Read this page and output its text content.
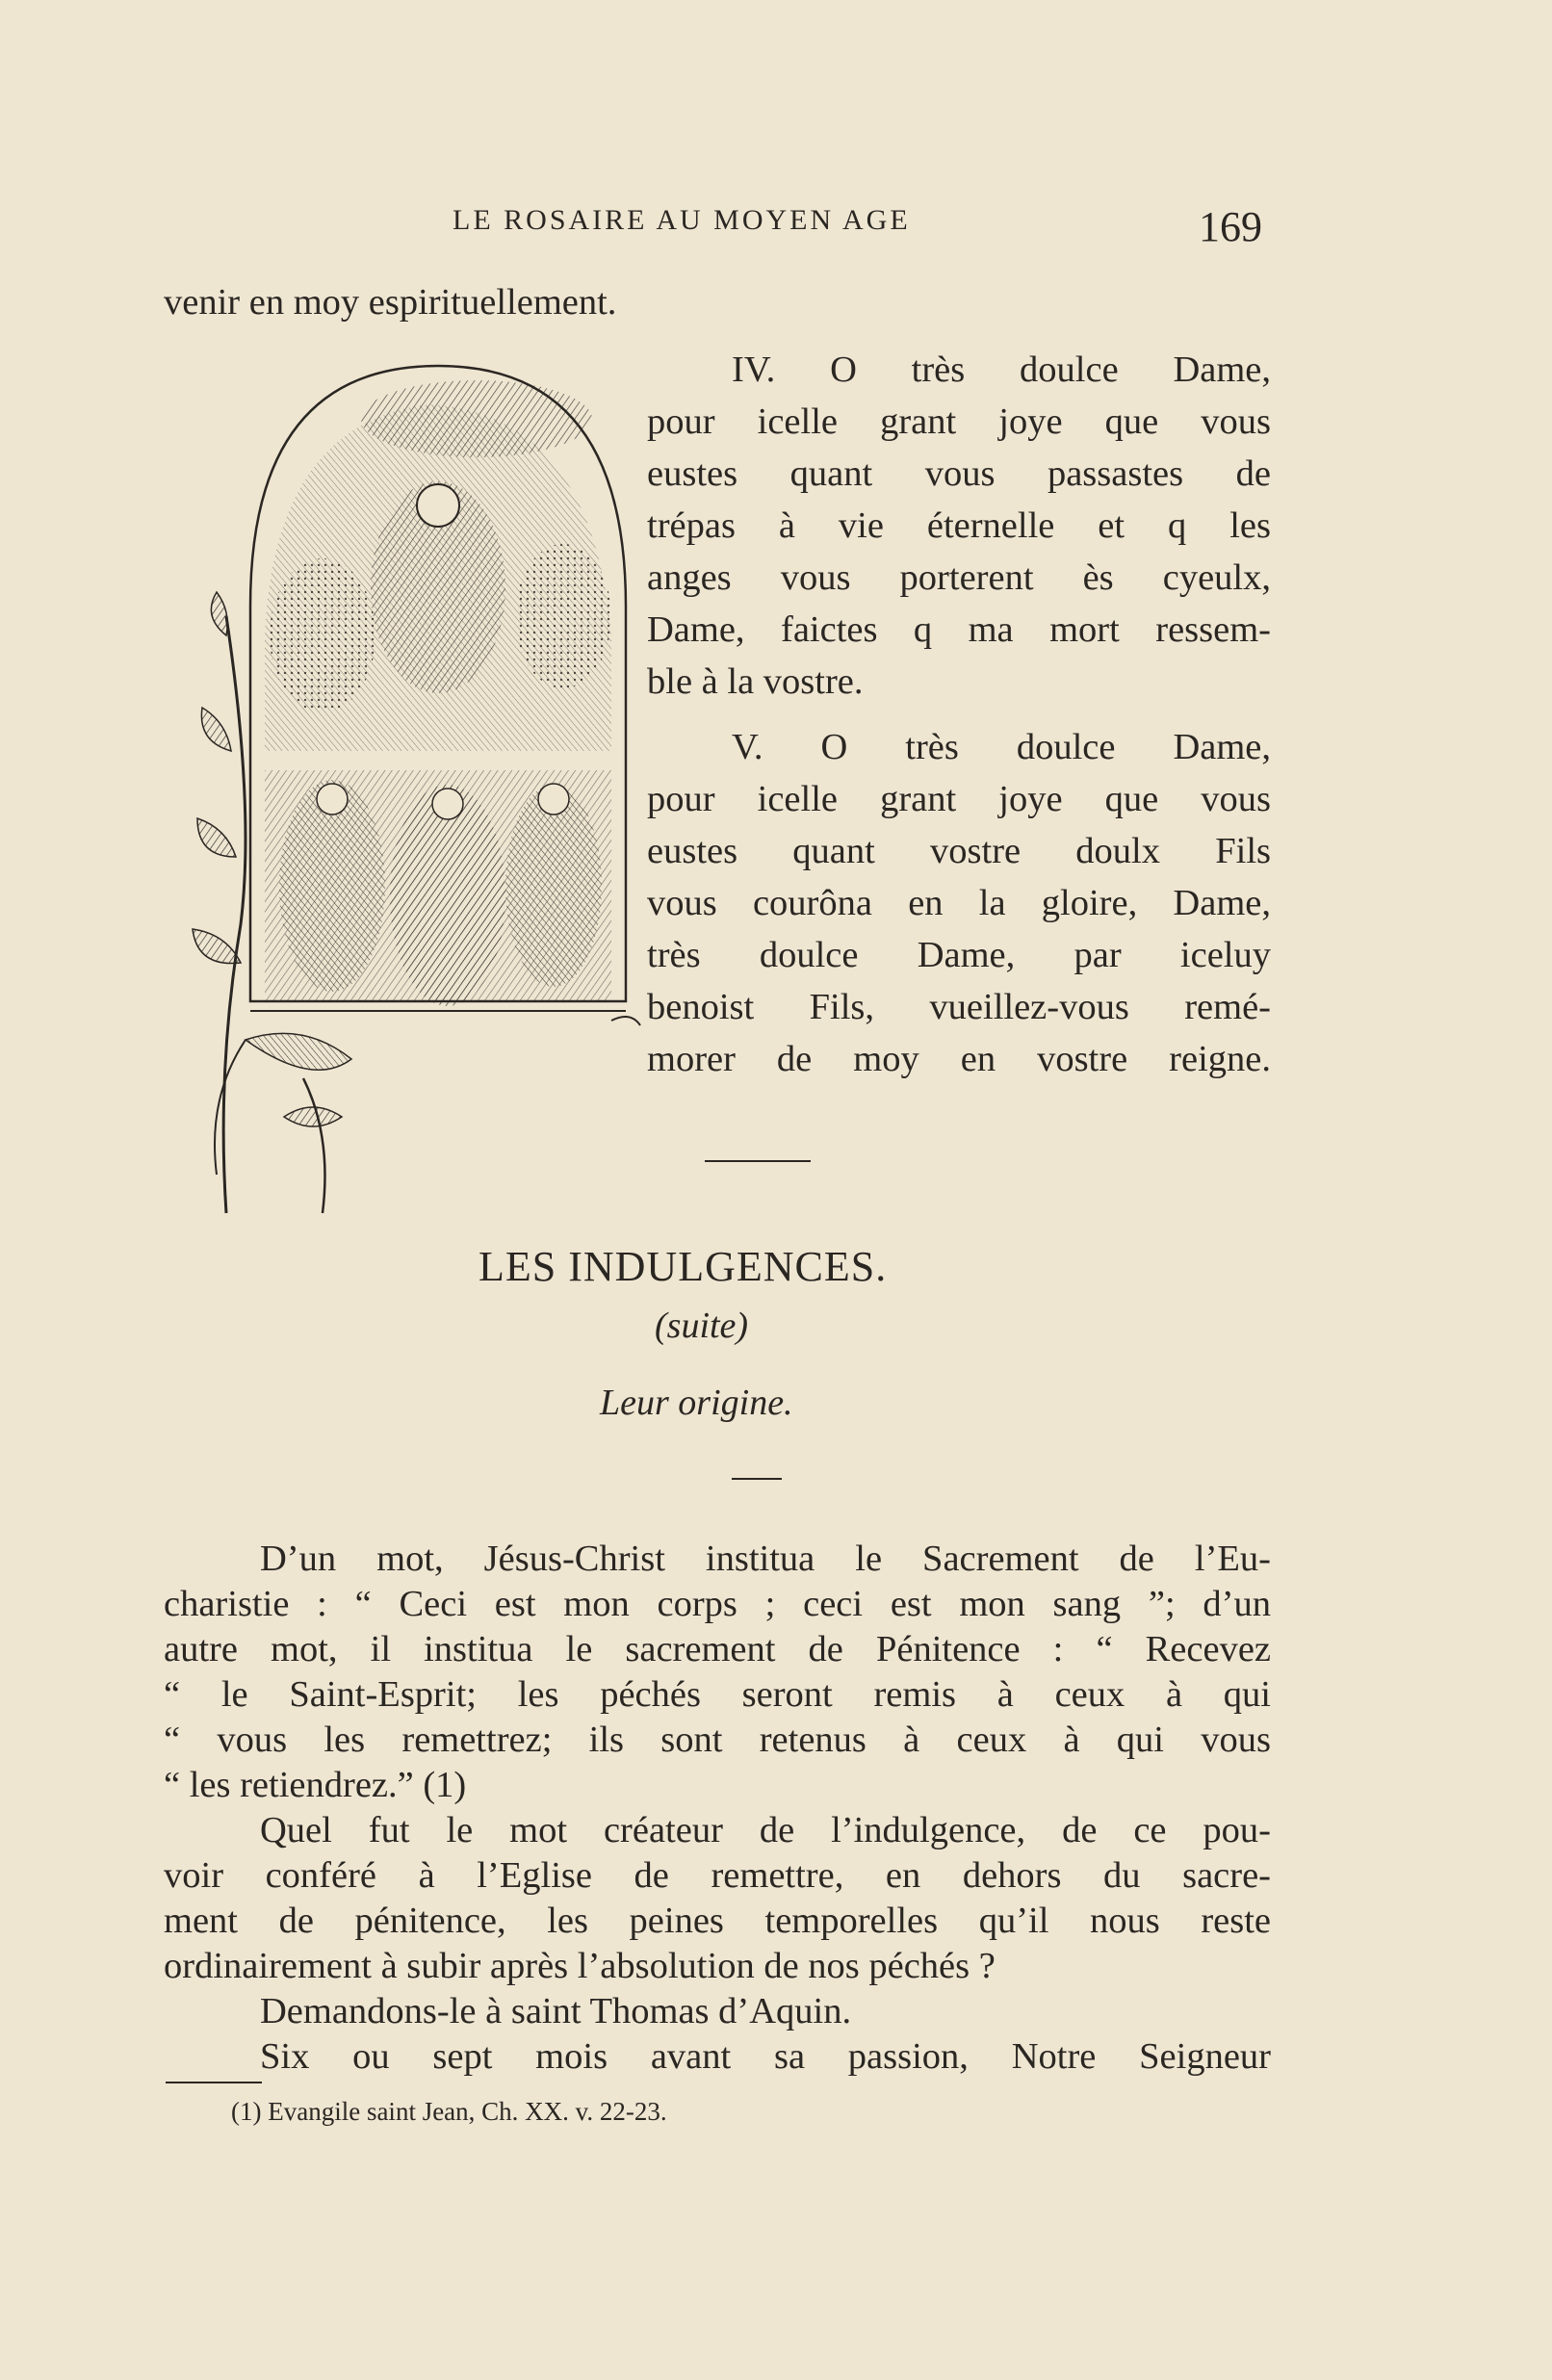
LE ROSAIRE AU MOYEN AGE	169
venir en moy espirituellement.
IV. O très doulce Dame,
pour icelle grant joye que vous
eustes quant vous passastes de
trépas à vie éternelle et q les
anges vous porterent ès cyeulx,
Dame, faictes q ma mort ressem-
ble à la vostre.
V. O très doulce Dame,
pour icelle grant joye que vous
eustes quant vostre doulx Fils
vous courôna en la gloire, Dame,
très doulce Dame, par iceluy
benoist Fils, vueillez-vous remé-
morer de moy en vostre reigne.
LES INDULGENCES.
(suite)
Leur origine.
D’un mot, Jésus-Christ institua le Sacrement de l’Eu-
charistie : “ Ceci est mon corps ; ceci est mon sang ”; d’un
autre mot, il institua le sacrement de Pénitence : “ Recevez
“ le Saint-Esprit; les péchés seront remis à ceux à qui
“ vous les remettrez; ils sont retenus à ceux à qui vous
“ les retiendrez.” (1)
Quel fut le mot créateur de l’indulgence, de ce pou-
voir conféré à l’Eglise de remettre, en dehors du sacre-
ment de pénitence, les peines temporelles qu’il nous reste
ordinairement à subir après l’absolution de nos péchés ?
Demandons-le à saint Thomas d’Aquin.
Six ou sept mois avant sa passion, Notre Seigneur
(1) Evangile saint Jean, Ch. XX. v. 22-23.
